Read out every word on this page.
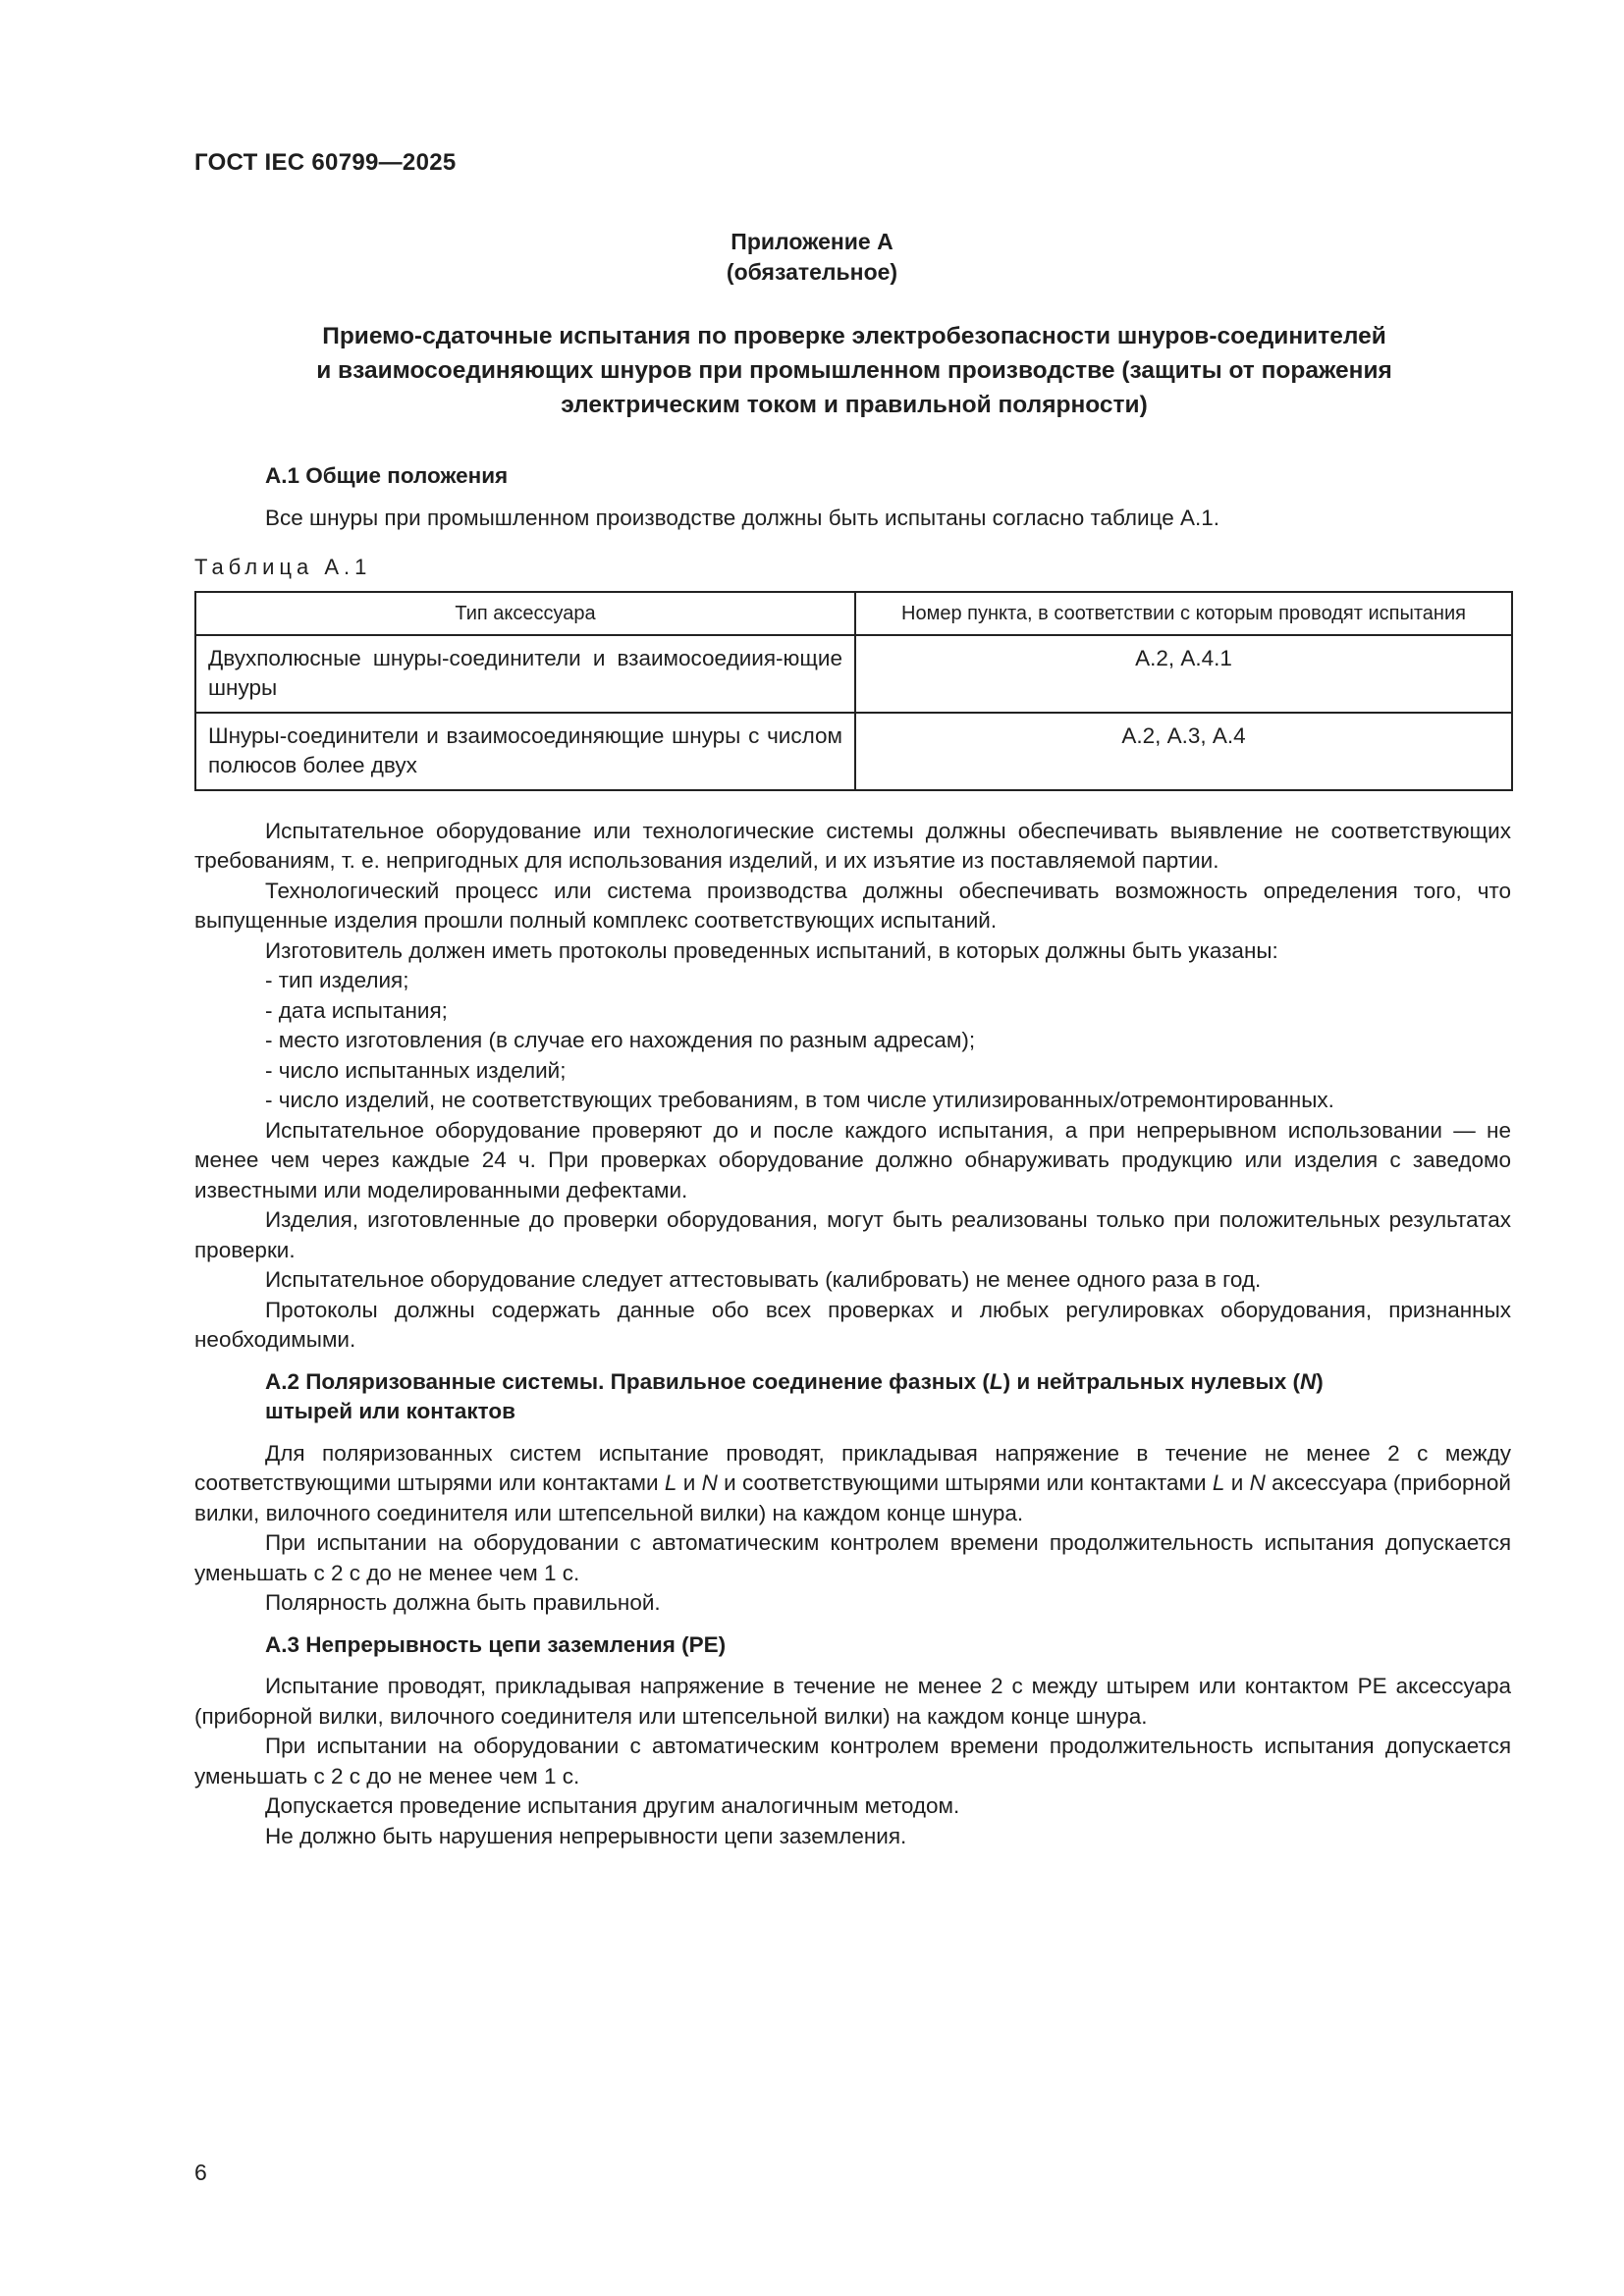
ГОСТ IEC 60799—2025
Приложение А
(обязательное)
Приемо-сдаточные испытания по проверке электробезопасности шнуров-соединителей
и взаимосоединяющих шнуров при промышленном производстве (защиты от поражения
электрическим током и правильной полярности)
А.1 Общие положения

Все шнуры при промышленном производстве должны быть испытаны согласно таблице А.1.

Таблица А.1
Тип аксессуара	Номер пункта, в соответствии с которым проводят испытания
Двухполюсные шнуры-соединители и взаимосоедиия-ющие шнуры	А.2, А.4.1
Шнуры-соединители и взаимосоединяющие шнуры с числом полюсов более двух	А.2, А.3, А.4

Испытательное оборудование или технологические системы должны обеспечивать выявление не соответствующих требованиям, т. е. непригодных для использования изделий, и их изъятие из поставляемой партии.

Технологический процесс или система производства должны обеспечивать возможность определения того, что выпущенные изделия прошли полный комплекс соответствующих испытаний.

Изготовитель должен иметь протоколы проведенных испытаний, в которых должны быть указаны:

- тип изделия;

- дата испытания;

- место изготовления (в случае его нахождения по разным адресам);

- число испытанных изделий;

- число изделий, не соответствующих требованиям, в том числе утилизированных/отремонтированных.

Испытательное оборудование проверяют до и после каждого испытания, а при непрерывном использовании — не менее чем через каждые 24 ч. При проверках оборудование должно обнаруживать продукцию или изделия с заведомо известными или моделированными дефектами.

Изделия, изготовленные до проверки оборудования, могут быть реализованы только при положительных результатах проверки.

Испытательное оборудование следует аттестовывать (калибровать) не менее одного раза в год.

Протоколы должны содержать данные обо всех проверках и любых регулировках оборудования, признанных необходимыми.

А.2 Поляризованные системы. Правильное соединение фазных (L) и нейтральных нулевых (N)
штырей или контактов

Для поляризованных систем испытание проводят, прикладывая напряжение в течение не менее 2 с между соответствующими штырями или контактами L и N и соответствующими штырями или контактами L и N аксессуара (приборной вилки, вилочного соединителя или штепсельной вилки) на каждом конце шнура.

При испытании на оборудовании с автоматическим контролем времени продолжительность испытания допускается уменьшать с 2 с до не менее чем 1 с.

Полярность должна быть правильной.

А.3 Непрерывность цепи заземления (PE)

Испытание проводят, прикладывая напряжение в течение не менее 2 с между штырем или контактом PE аксессуара (приборной вилки, вилочного соединителя или штепсельной вилки) на каждом конце шнура.

При испытании на оборудовании с автоматическим контролем времени продолжительность испытания допускается уменьшать с 2 с до не менее чем 1 с.

Допускается проведение испытания другим аналогичным методом.

Не должно быть нарушения непрерывности цепи заземления.

6
